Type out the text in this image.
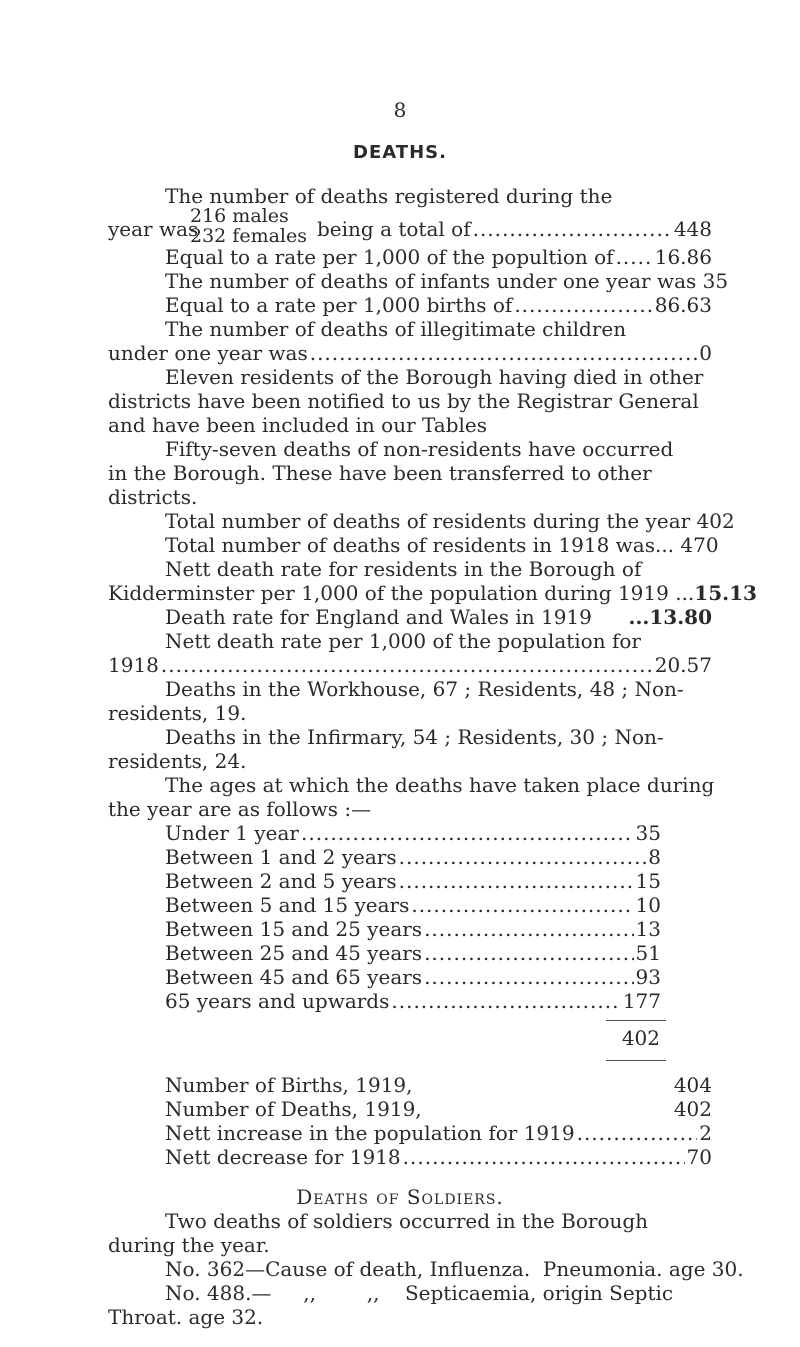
8
DEATHS.
The number of deaths registered during the
year was
216 males
232 females being a total of .....	448
Equal to a rate per 1,000 of the popultion of ..... 16.86
The number of deaths of infants under one year was 35
Equal to a rate per 1,000 births of .....	86.63
The number of deaths of illegitimate children
under one year was .....	0
Eleven residents of the Borough having died in other
districts have been notified to us by the Registrar General
and have been included in our Tables
Fifty-seven deaths of non-residents have occurred
in the Borough. These have been transferred to other
districts.
Total number of deaths of residents during the year 402
Total number of deaths of residents in 1918 was... 470
Nett death rate for residents in the Borough of
Kidderminster per 1,000 of the population during 1919 ...15.13
Death rate for England and Wales in 1919 ...13.80
Nett death rate per 1,000 of the population for
1918 .....	20.57
Deaths in the Workhouse, 67 ; Residents, 48 ; Non-
residents, 19.
Deaths in the Infirmary, 54 ; Residents, 30 ; Non-
residents, 24.
The ages at which the deaths have taken place during
the year are as follows :—
Under 1 year .....	35
Between 1 and 2 years .....	8
Between 2 and 5 years .....	15
Between 5 and 15 years .....	10
Between 15 and 25 years .....	13
Between 25 and 45 years .....	51
Between 45 and 65 years .....	93
65 years and upwards .....	177
402
Number of Births, 1919,	404
Number of Deaths, 1919,	402
Nett increase in the population for 1919 .....	2
Nett decrease for 1918 .....	70
Deaths of Soldiers.
Two deaths of soldiers occurred in the Borough
during the year.
No. 362—Cause of death, Influenza.  Pneumonia. age 30.
No. 488.—     ,,        ,,    Septicaemia, origin Septic
Throat. age 32.
